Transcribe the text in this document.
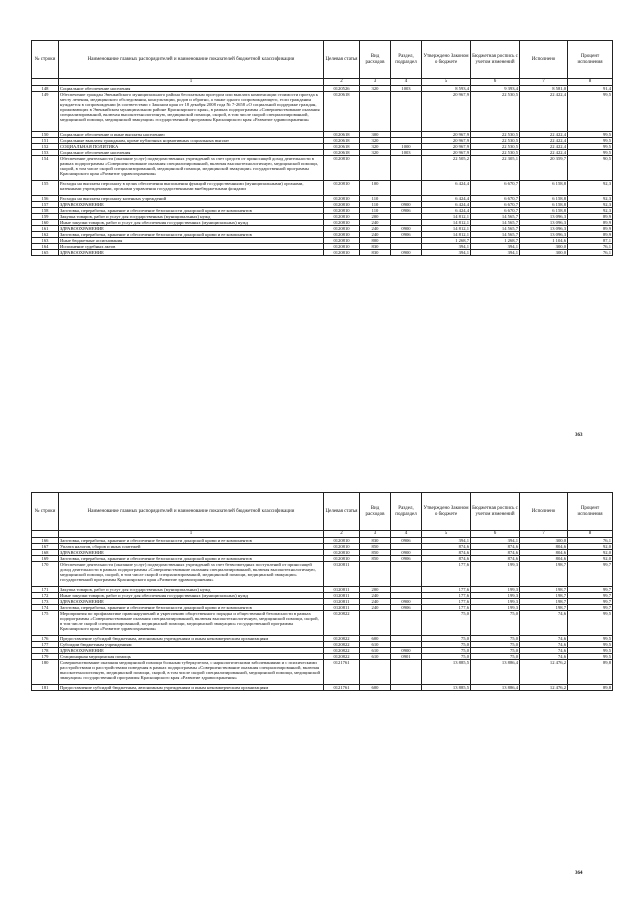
№ строки	Наименование главных распорядителей и наименование показателей бюджетной классификации	Целевая статья	Вид расходов	Раздел, подраздел	Утверждено Законом о бюджете	Бюджетная роспись с учетом изменений	Исполнено	Процент исполнения
	1	2	3	4	5	6	7	8
148	Социальное обеспечение населения	0120526	320	1003	8 593,4	9 393,4	8 581,0	91,4
149	Обеспечение граждан Эвенкийского муниципального района бесплатным проездом или выплата компенсации стоимости проезда к месту лечения, медицинского обследования, консультации, родов и обратно, а также одного сопровождающего, если гражданин нуждается в сопровождении (в соответствии с Законом края от 18 декабря 2008 года № 7-2658 «О социальной поддержке граждан, проживающих в Эвенкийском муниципальном районе Красноярского края», в рамках подпрограммы «Совершенствование оказания специализированной, включая высокотехнологичную, медицинской помощи, скорой, в том числе скорой специализированной, медицинской помощи, медицинской эвакуации» государственной программы Красноярского края «Развитие здравоохранения»	0120618			20 967,9	22 530,5	22 422,4	99,5
150	Социальное обеспечение и иные выплаты населению	0120618	300		20 967,9	22 530,5	22 422,4	99,5
151	Социальные выплаты гражданам, кроме публичных нормативных социальных выплат	0120618	320		20 967,9	22 530,5	22 422,4	99,5
152	СОЦИАЛЬНАЯ ПОЛИТИКА	0120618	320	1000	20 967,9	22 530,5	22 422,4	99,5
153	Социальное обеспечение населения	0120618	320	1003	20 967,9	22 530,5	22 422,4	99,5
154	Обеспечение деятельности (оказание услуг) подведомственных учреждений за счет средств от приносящей доход деятельности в рамках подпрограммы «Совершенствование оказания специализированной, включая высокотехнологичную, медицинской помощи, скорой, в том числе скорой специализированной, медицинской помощи, медицинской эвакуации» государственной программы Красноярского края «Развитие здравоохранения»	0120810			22 505,2	22 305,1	20 359,7	90,5
155	Расходы на выплаты персоналу в целях обеспечения выполнения функций государственными (муниципальными) органами, казенными учреждениями, органами управления государственными внебюджетными фондами	0120810	100		6 424,4	6 670,7	6 158,8	92,3
156	Расходы на выплаты персоналу казенных учреждений	0120810	110		6 424,4	6 670,7	6 158,8	92,3
157	ЗДРАВООХРАНЕНИЕ	0120810	110	0900	6 424,4	6 670,7	6 158,8	92,3
158	Заготовка, переработка, хранение и обеспечение безопасности донорской крови и ее компонентов	0120810	110	0906	6 424,4	6 670,7	6 158,8	92,3
159	Закупка товаров, работ и услуг для государственных (муниципальных) нужд	0120810	200		14 812,1	14 565,7	13 096,3	89,9
160	Иные закупки товаров, работ и услуг для обеспечения государственных (муниципальных) нужд	0120810	240		14 812,1	14 565,7	13 096,3	89,9
161	ЗДРАВООХРАНЕНИЕ	0120810	240	0900	14 812,1	14 565,7	13 096,3	89,9
162	Заготовка, переработка, хранение и обеспечение безопасности донорской крови и ее компонентов	0120810	240	0906	14 812,1	14 565,7	13 096,3	89,9
163	Иные бюджетные ассигнования	0120810	800		1 268,7	1 268,7	1 104,6	87,1
164	Исполнение судебных актов	0120810	830		394,1	394,1	300,0	76,1
165	ЗДРАВООХРАНЕНИЕ	0120810	830	0900	394,1	394,1	300,0	76,1
363
№ строки	Наименование главных распорядителей и наименование показателей бюджетной классификации	Целевая статья	Вид расходов	Раздел, подраздел	Утверждено Законом о бюджете	Бюджетная роспись с учетом изменений	Исполнено	Процент исполнения
	1	2	3	4	5	6	7	8
166	Заготовка, переработка, хранение и обеспечение безопасности донорской крови и ее компонентов	0120810	830	0906	394,1	394,1	300,0	76,1
167	Уплата налогов, сборов и иных платежей	0120810	850		874,6	874,6	804,6	92,0
168	ЗДРАВООХРАНЕНИЕ	0120810	850	0900	874,6	874,6	804,6	92,0
169	Заготовка, переработка, хранение и обеспечение безопасности донорской крови и ее компонентов	0120810	850	0906	874,6	874,6	804,6	92,0
170	Обеспечение деятельности (оказание услуг) подведомственных учреждений за счет безвозмездных поступлений от приносящей доход деятельности в рамках подпрограммы «Совершенствование оказания специализированной, включая высокотехнологичную, медицинской помощи, скорой, в том числе скорой специализированной, медицинской помощи, медицинской эвакуации» государственной программы Красноярского края «Развитие здравоохранения»	0120811			177,6	199,3	198,7	99,7
171	Закупка товаров, работ и услуг для государственных (муниципальных) нужд	0120811	200		177,6	199,3	198,7	99,7
172	Иные закупки товаров, работ и услуг для обеспечения государственных (муниципальных) нужд	0120811	240		177,6	199,3	198,7	99,7
173	ЗДРАВООХРАНЕНИЕ	0120811	240	0900	177,6	199,3	198,7	99,7
174	Заготовка, переработка, хранение и обеспечение безопасности донорской крови и ее компонентов	0120811	240	0906	177,6	199,3	198,7	99,7
175	Мероприятия по профилактике правонарушений и укреплению общественного порядка и общественной безопасности в рамках подпрограммы «Совершенствование оказания специализированной, включая высокотехнологичную, медицинской помощи, скорой, в том числе скорой специализированной, медицинской помощи, медицинской эвакуации» государственной программы Красноярского края «Развитие здравоохранения»	0120822			75,0	75,0	74,6	99,5
176	Предоставление субсидий бюджетным, автономным учреждениям и иным некоммерческим организациям	0120822	600		75,0	75,0	74,6	99,5
177	Субсидии бюджетным учреждениям	0120822	610		75,0	75,0	74,6	99,5
178	ЗДРАВООХРАНЕНИЕ	0120822	610	0900	75,0	75,0	74,6	99,5
179	Стационарная медицинская помощь	0120822	610	0901	75,0	75,0	74,6	99,5
180	Совершенствование оказания медицинской помощи больным туберкулезом, с наркологическими заболеваниями и с психическими расстройствами и расстройствами поведения в рамках подпрограммы «Совершенствование оказания специализированной, включая высокотехнологичную, медицинской помощи, скорой, в том числе скорой специализированной, медицинской помощи, медицинской эвакуации» государственной программы Красноярского края «Развитие здравоохранения»	0121761			13 885,5	13 886,4	12 476,2	89,8
181	Предоставление субсидий бюджетным, автономным учреждениям и иным некоммерческим организациям	0121761	600		13 885,5	13 886,4	12 476,2	89,8
364
